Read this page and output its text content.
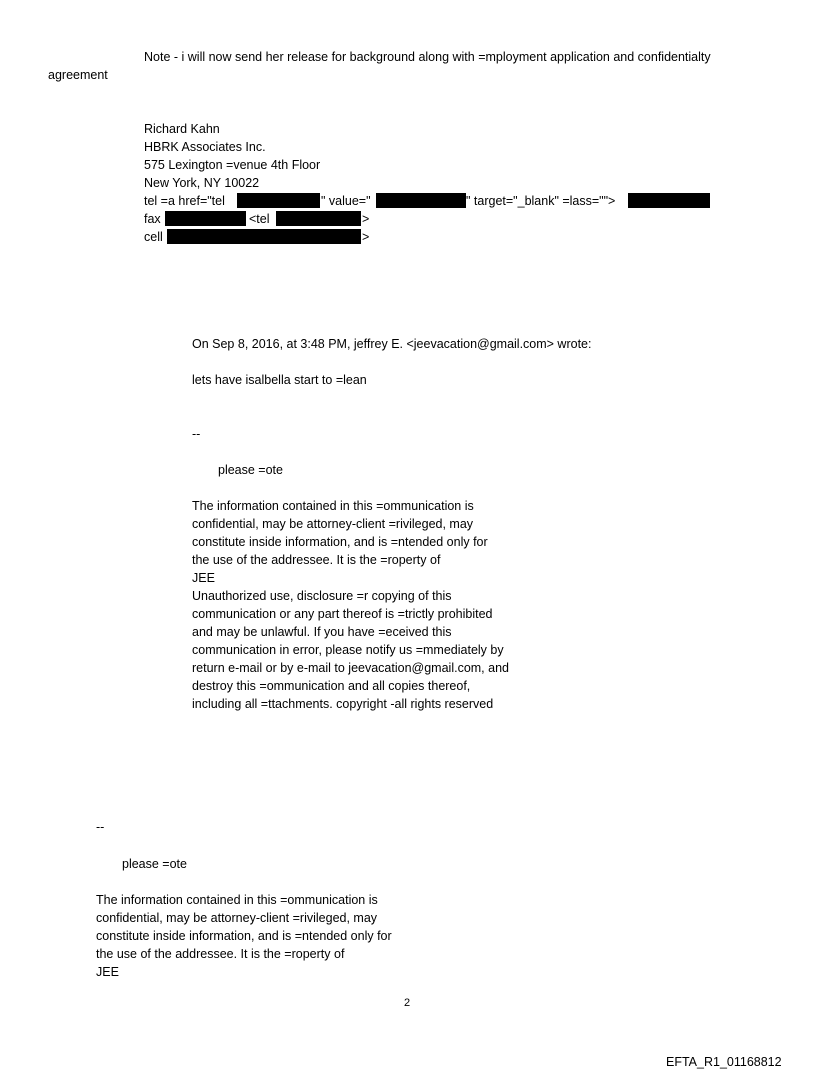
Note - i will now send her release for background along with =mployment application and confidentialty
agreement
Richard Kahn
HBRK Associates Inc.
575 Lexington =venue 4th Floor
New York, NY 10022
tel =a href="tel	" value="	" target="_blank" =lass="">
fax	<tel	>
cell	>
On Sep 8, 2016, at 3:48 PM, jeffrey E. <jeevacation@gmail.com> wrote:
lets have isalbella start to =lean
--
please =ote
The information contained in this =ommunication is
confidential, may be attorney-client =rivileged, may
constitute inside information, and is =ntended only for
the use of the addressee. It is the =roperty of
JEE
Unauthorized use, disclosure =r copying of this
communication or any part thereof is =trictly prohibited
and may be unlawful. If you have =eceived this
communication in error, please notify us =mmediately by
return e-mail or by e-mail to jeevacation@gmail.com, and
destroy this =ommunication and all copies thereof,
including all =ttachments. copyright -all rights reserved
--
please =ote
The information contained in this =ommunication is
confidential, may be attorney-client =rivileged, may
constitute inside information, and is =ntended only for
the use of the addressee. It is the =roperty of
JEE
2
EFTA_R1_01168812
